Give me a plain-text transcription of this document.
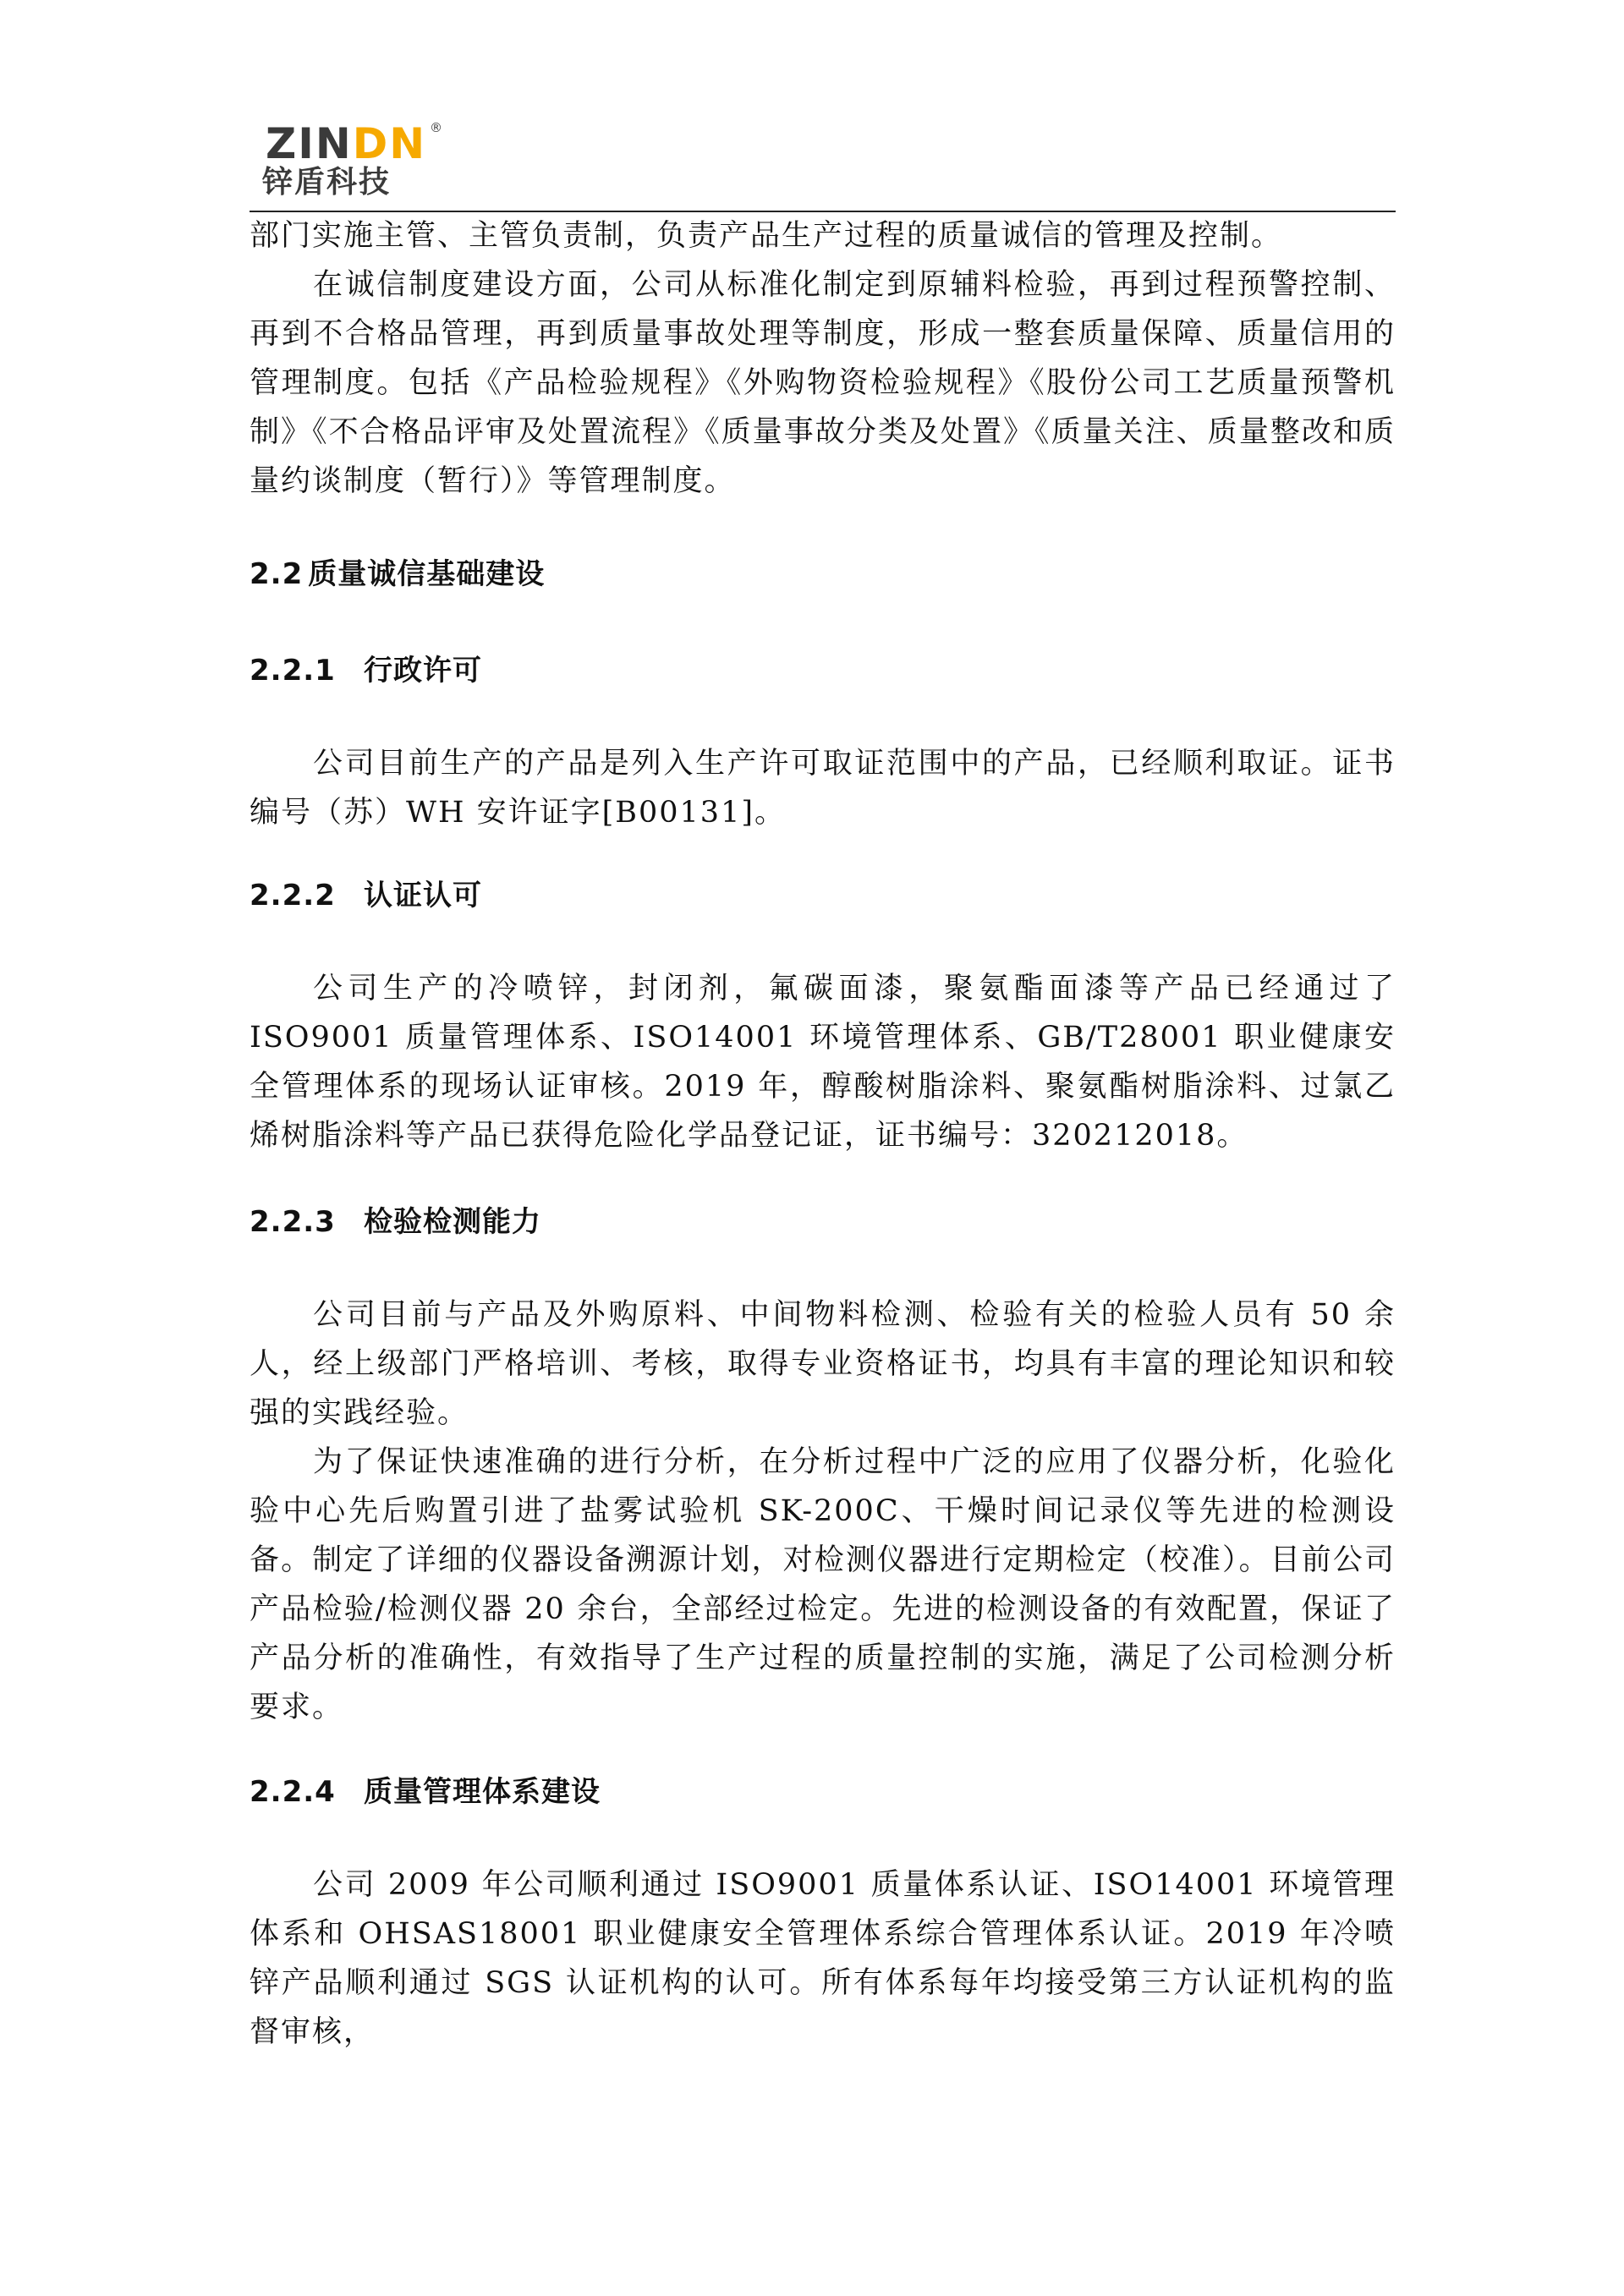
ZINDN ®
锌盾科技

部门实施主管、主管负责制，负责产品生产过程的质量诚信的管理及控制。

在诚信制度建设方面，公司从标准化制定到原辅料检验，再到过程预警控制、再到不合格品管理，再到质量事故处理等制度，形成一整套质量保障、质量信用的管理制度。包括《产品检验规程》《外购物资检验规程》《股份公司工艺质量预警机制》《不合格品评审及处置流程》《质量事故分类及处置》《质量关注、质量整改和质量约谈制度（暂行）》等管理制度。

2.2 质量诚信基础建设
2.2.1 行政许可

公司目前生产的产品是列入生产许可取证范围中的产品，已经顺利取证。证书编号（苏）WH 安许证字[B00131]。

2.2.2 认证认可

公司生产的冷喷锌，封闭剂，氟碳面漆，聚氨酯面漆等产品已经通过了 ISO9001 质量管理体系、ISO14001 环境管理体系、GB/T28001 职业健康安全管理体系的现场认证审核。2019 年，醇酸树脂涂料、聚氨酯树脂涂料、过氯乙烯树脂涂料等产品已获得危险化学品登记证，证书编号：320212018。

2.2.3 检验检测能力

公司目前与产品及外购原料、中间物料检测、检验有关的检验人员有 50 余人，经上级部门严格培训、考核，取得专业资格证书，均具有丰富的理论知识和较强的实践经验。

为了保证快速准确的进行分析，在分析过程中广泛的应用了仪器分析，化验化验中心先后购置引进了盐雾试验机 SK-200C、干燥时间记录仪等先进的检测设备。制定了详细的仪器设备溯源计划，对检测仪器进行定期检定（校准）。目前公司产品检验/检测仪器 20 余台，全部经过检定。先进的检测设备的有效配置，保证了产品分析的准确性，有效指导了生产过程的质量控制的实施，满足了公司检测分析要求。

2.2.4 质量管理体系建设

公司 2009 年公司顺利通过 ISO9001 质量体系认证、ISO14001 环境管理体系和 OHSAS18001 职业健康安全管理体系综合管理体系认证。2019 年冷喷锌产品顺利通过 SGS 认证机构的认可。所有体系每年均接受第三方认证机构的监督审核，
